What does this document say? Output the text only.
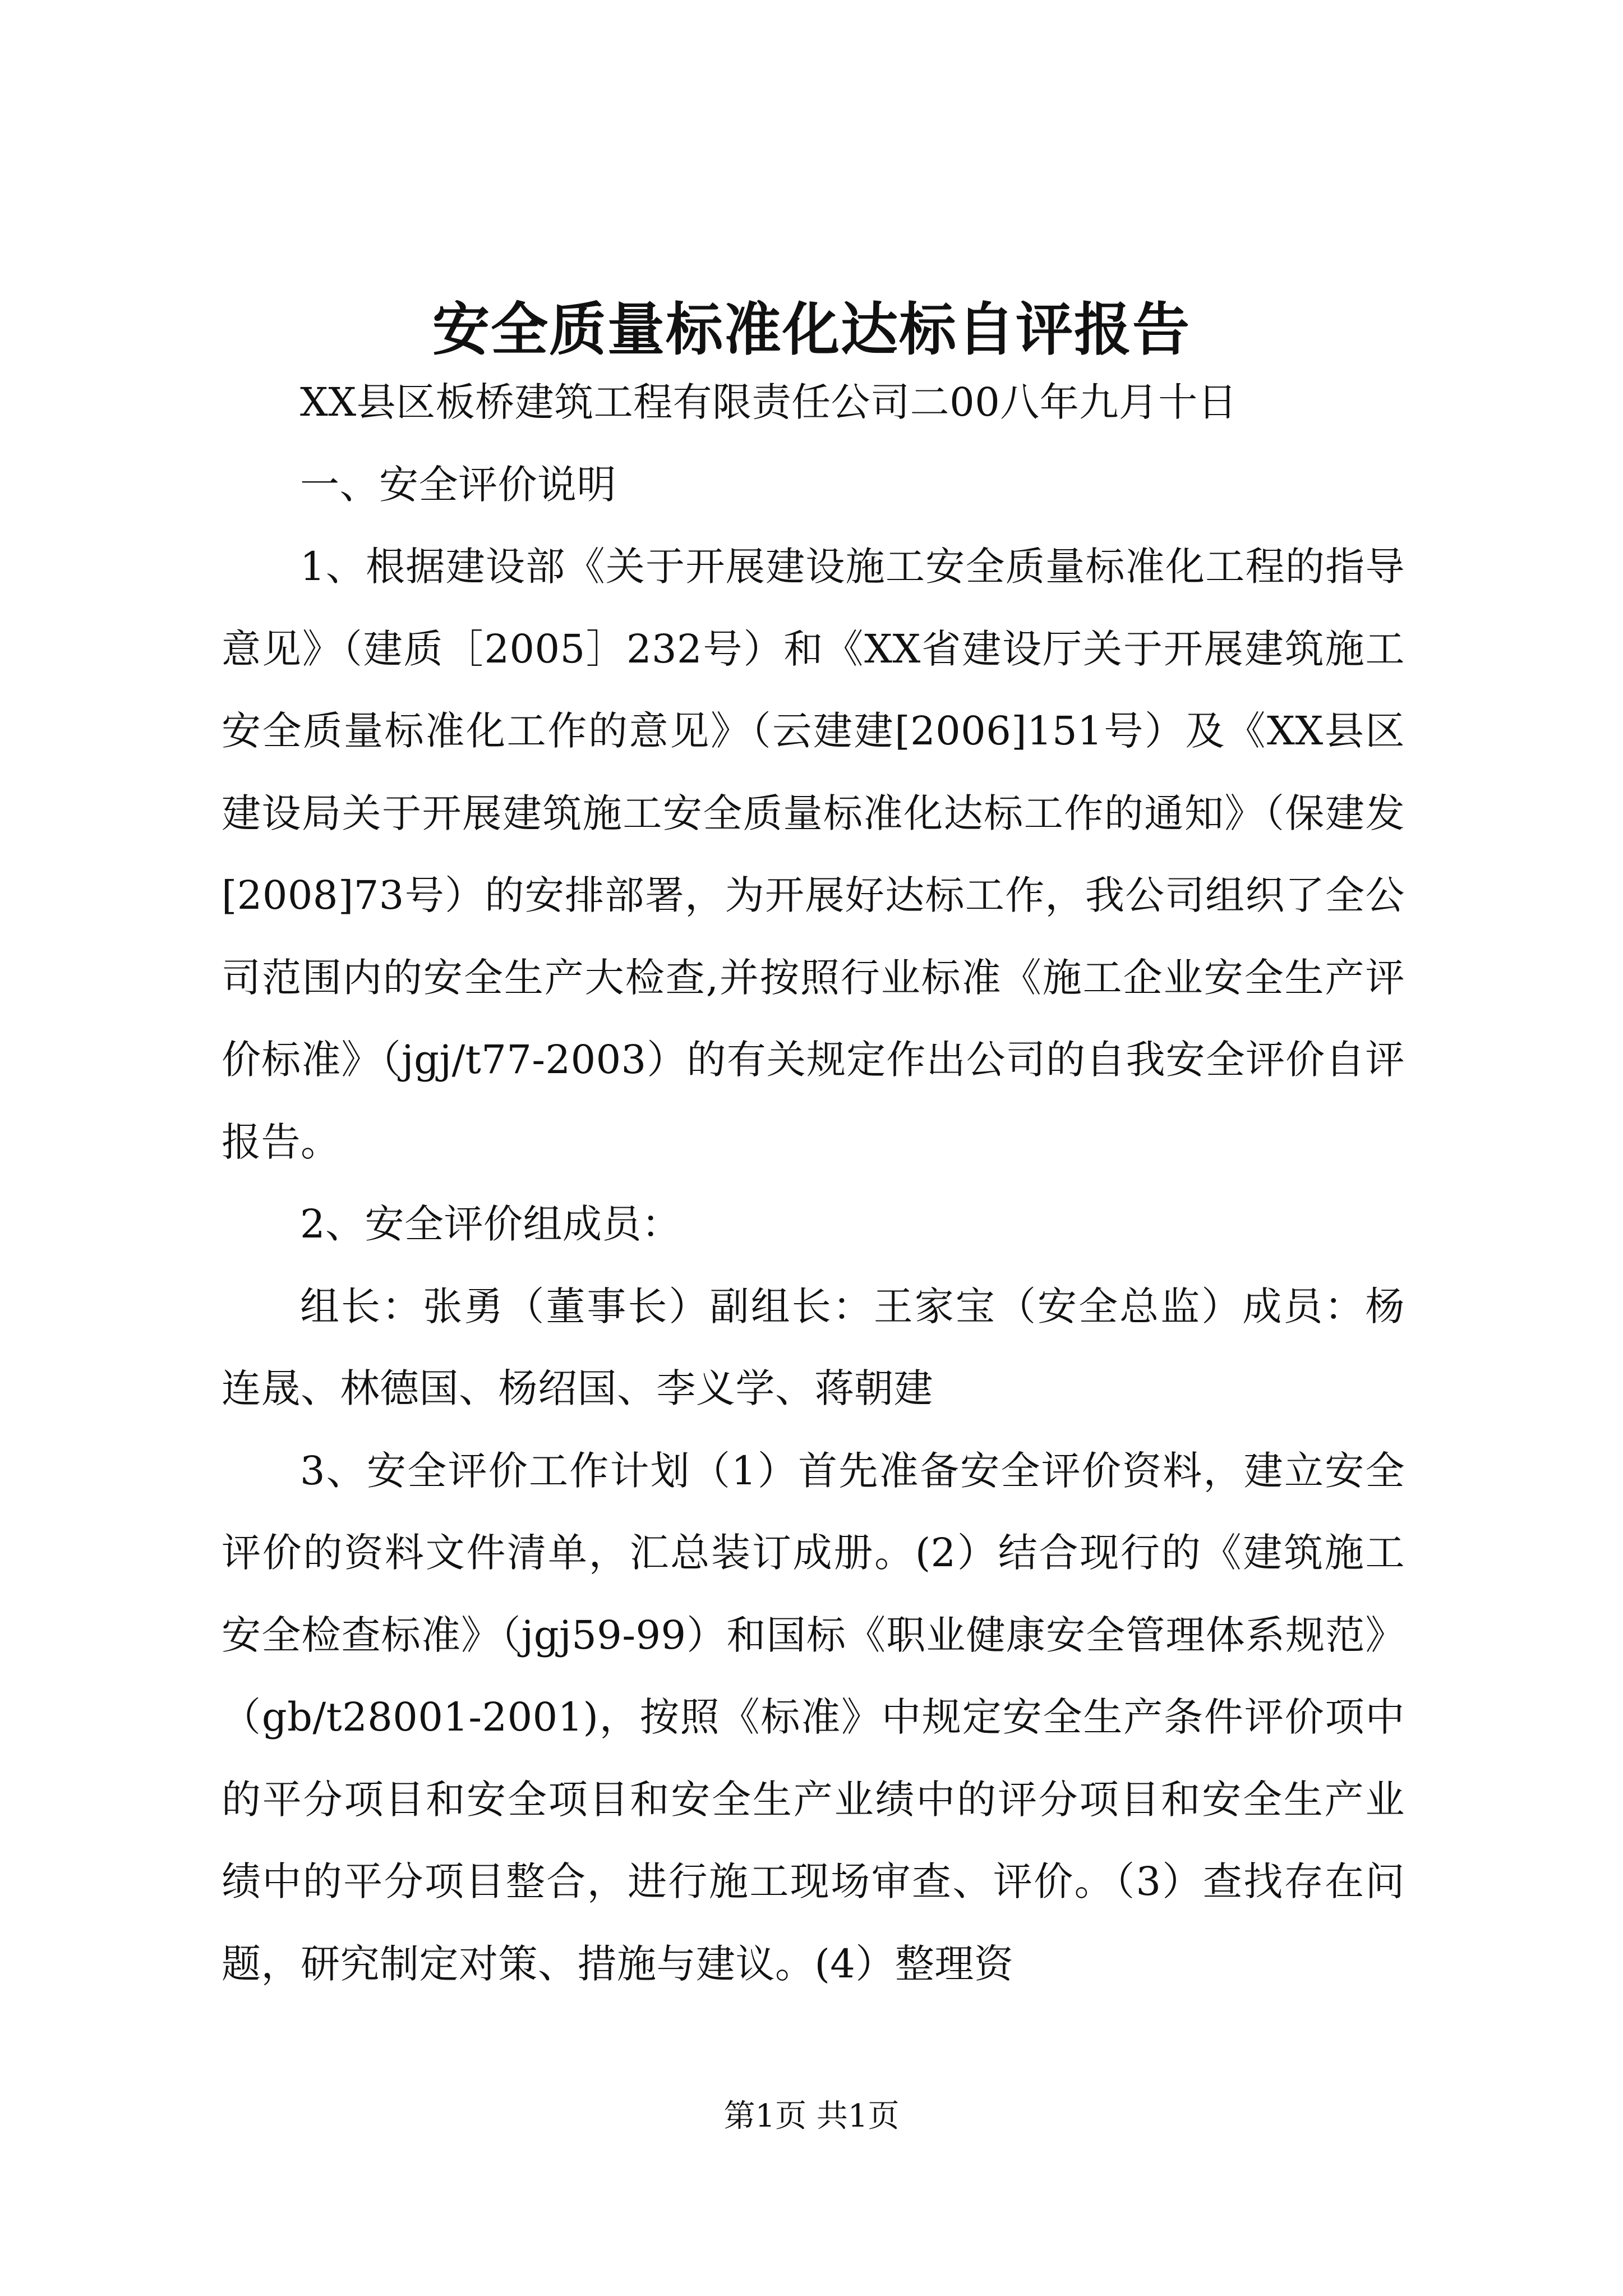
安全质量标准化达标自评报告

XX县区板桥建筑工程有限责任公司二00八年九月十日

一、安全评价说明

1、根据建设部《关于开展建设施工安全质量标准化工程的指导意见》（建质［2005］232号）和《XX省建设厅关于开展建筑施工安全质量标准化工作的意见》（云建建[2006]151号）及《XX县区建设局关于开展建筑施工安全质量标准化达标工作的通知》（保建发[2008]73号）的安排部署，为开展好达标工作，我公司组织了全公司范围内的安全生产大检查,并按照行业标准《施工企业安全生产评价标准》（jgj/t77-2003）的有关规定作出公司的自我安全评价自评报告。

2、安全评价组成员：

组长：张勇（董事长）副组长：王家宝（安全总监）成员：杨连晟、林德国、杨绍国、李义学、蒋朝建

3、安全评价工作计划（1）首先准备安全评价资料，建立安全评价的资料文件清单，汇总装订成册。(2）结合现行的《建筑施工安全检查标准》（jgj59-99）和国标《职业健康安全管理体系规范》（gb/t28001-2001)，按照《标准》中规定安全生产条件评价项中的平分项目和安全项目和安全生产业绩中的评分项目和安全生产业绩中的平分项目整合，进行施工现场审查、评价。（3）查找存在问题，研究制定对策、措施与建议。(4）整理资

第1页 共1页
